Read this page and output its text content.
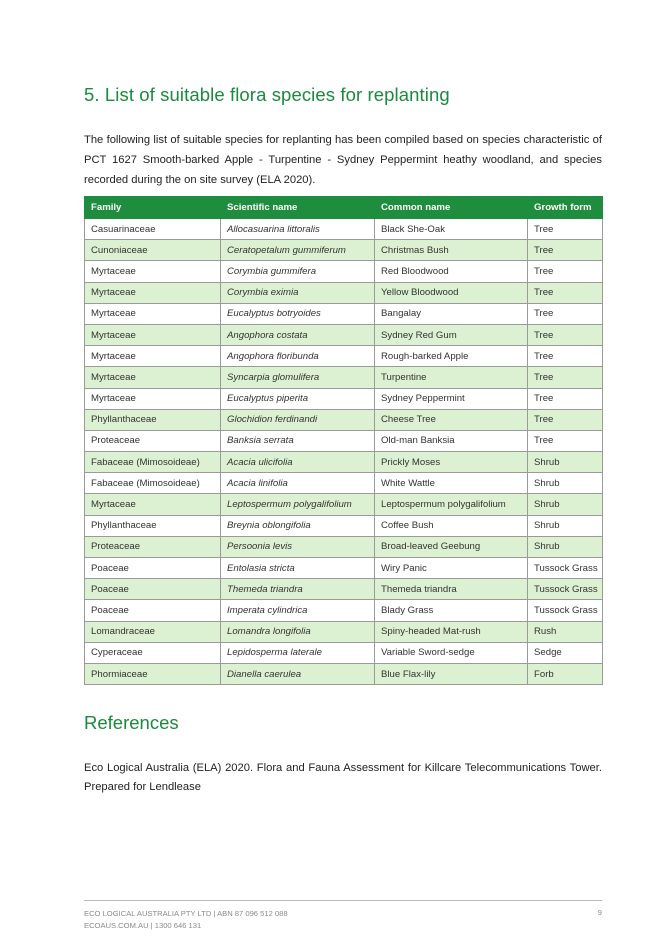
5. List of suitable flora species for replanting

The following list of suitable species for replanting has been compiled based on species characteristic of PCT 1627 Smooth-barked Apple - Turpentine - Sydney Peppermint heathy woodland, and species recorded during the on site survey (ELA 2020).

Family	Scientific name	Common name	Growth form
Casuarinaceae	Allocasuarina littoralis	Black She-Oak	Tree
Cunoniaceae	Ceratopetalum gummiferum	Christmas Bush	Tree
Myrtaceae	Corymbia gummifera	Red Bloodwood	Tree
Myrtaceae	Corymbia eximia	Yellow Bloodwood	Tree
Myrtaceae	Eucalyptus botryoides	Bangalay	Tree
Myrtaceae	Angophora costata	Sydney Red Gum	Tree
Myrtaceae	Angophora floribunda	Rough-barked Apple	Tree
Myrtaceae	Syncarpia glomulifera	Turpentine	Tree
Myrtaceae	Eucalyptus piperita	Sydney Peppermint	Tree
Phyllanthaceae	Glochidion ferdinandi	Cheese Tree	Tree
Proteaceae	Banksia serrata	Old-man Banksia	Tree
Fabaceae (Mimosoideae)	Acacia ulicifolia	Prickly Moses	Shrub
Fabaceae (Mimosoideae)	Acacia linifolia	White Wattle	Shrub
Myrtaceae	Leptospermum polygalifolium	Leptospermum polygalifolium	Shrub
Phyllanthaceae	Breynia oblongifolia	Coffee Bush	Shrub
Proteaceae	Persoonia levis	Broad-leaved Geebung	Shrub
Poaceae	Entolasia stricta	Wiry Panic	Tussock Grass
Poaceae	Themeda triandra	Themeda triandra	Tussock Grass
Poaceae	Imperata cylindrica	Blady Grass	Tussock Grass
Lomandraceae	Lomandra longifolia	Spiny-headed Mat-rush	Rush
Cyperaceae	Lepidosperma laterale	Variable Sword-sedge	Sedge
Phormiaceae	Dianella caerulea	Blue Flax-lily	Forb
References

Eco Logical Australia (ELA) 2020. Flora and Fauna Assessment for Killcare Telecommunications Tower. Prepared for Lendlease

ECO LOGICAL AUSTRALIA PTY LTD | ABN 87 096 512 088
ECOAUS.COM.AU | 1300 646 131
9
